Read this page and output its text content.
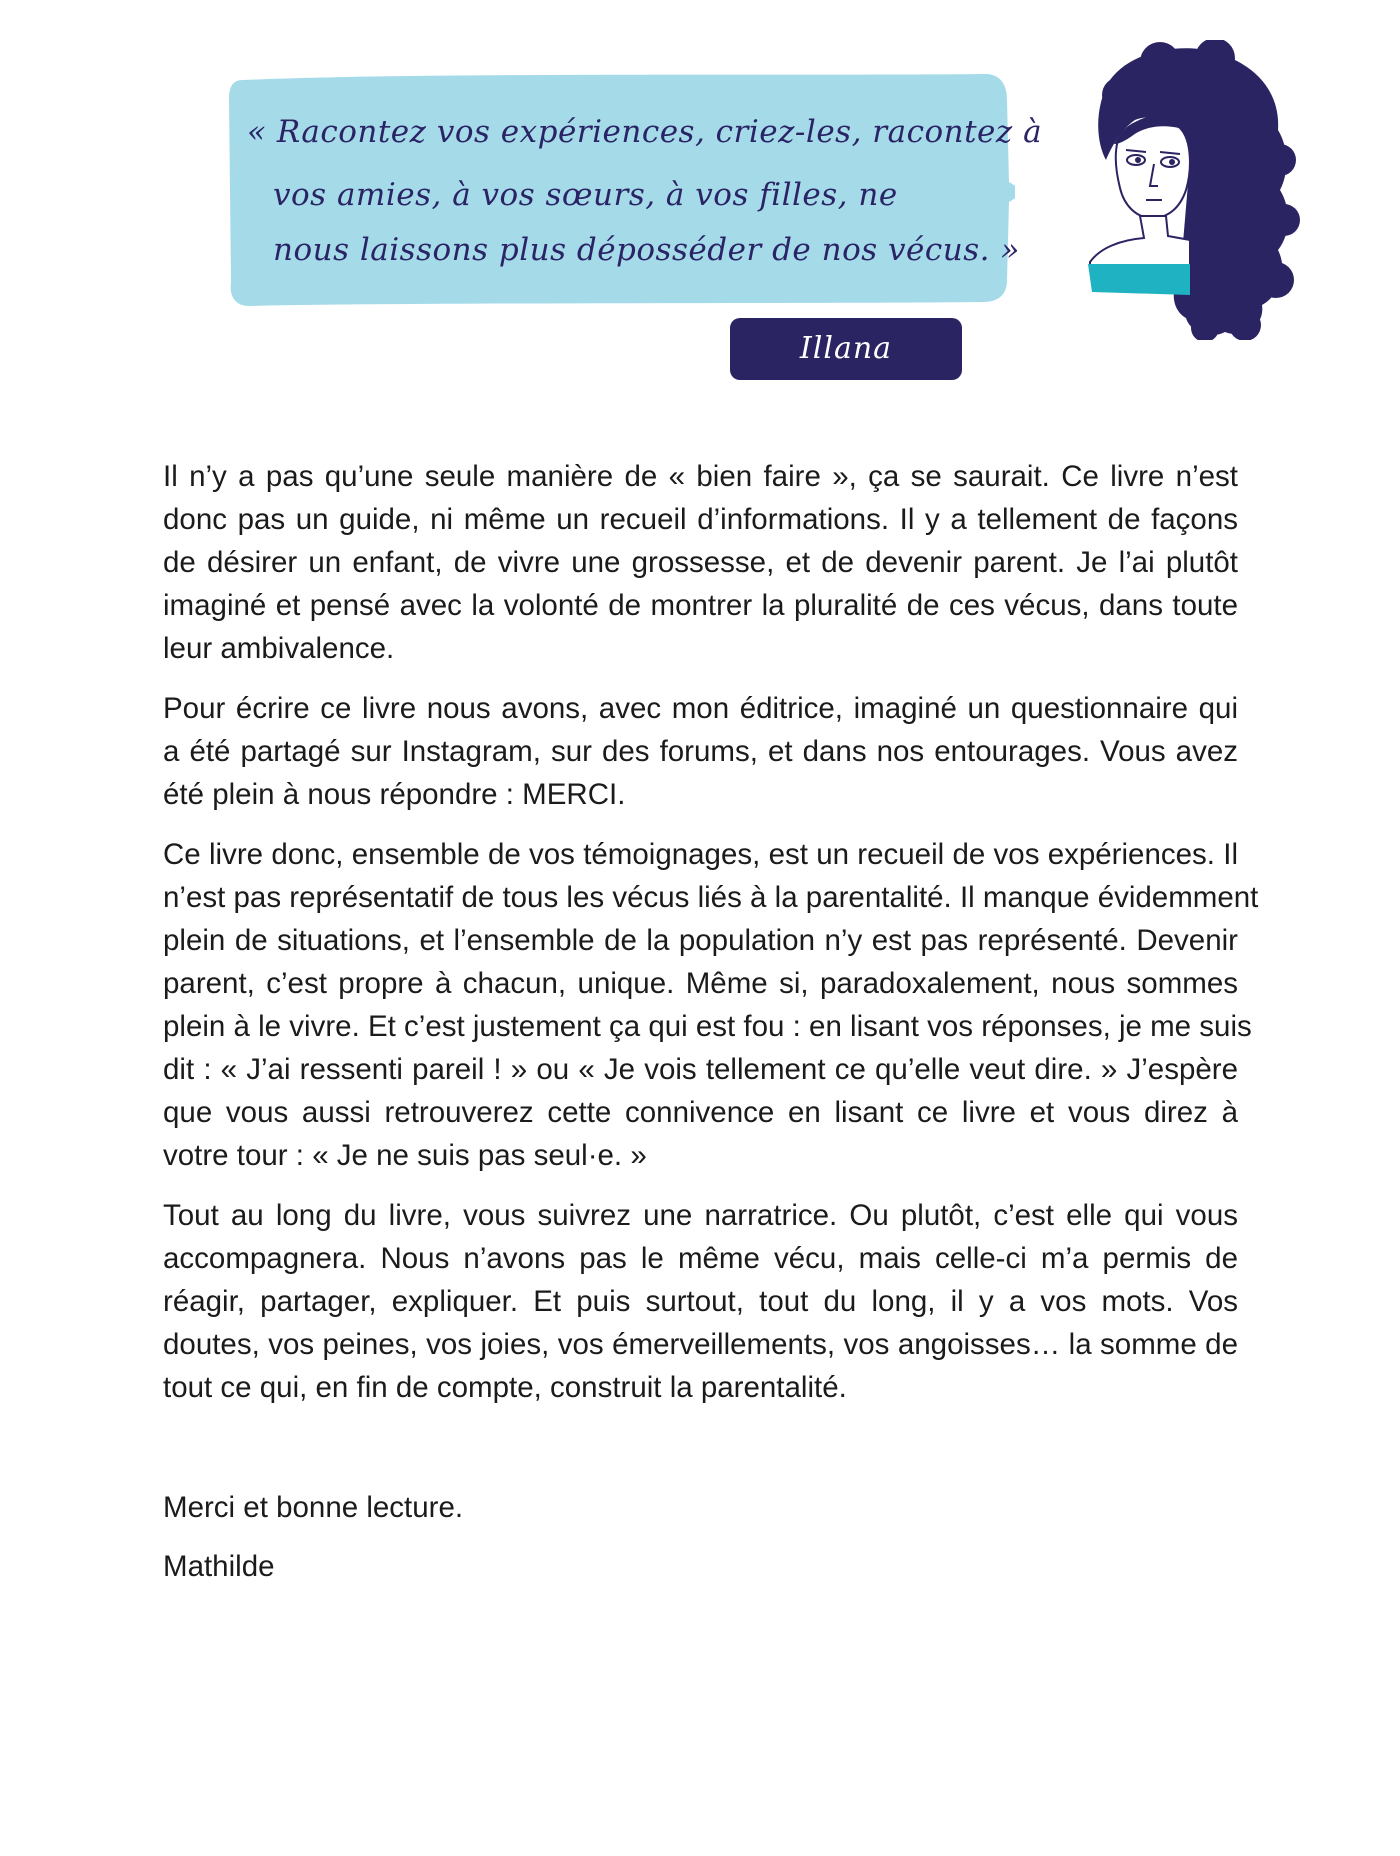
« Racontez vos expériences, criez-les, racontez à
vos amies, à vos sœurs, à vos filles, ne
nous laissons plus déposséder de nos vécus. »
Illana Weizman

Il n’y a pas qu’une seule manière de « bien faire », ça se saurait. Ce livre n’est
donc pas un guide, ni même un recueil d’informations. Il y a tellement de façons
de désirer un enfant, de vivre une grossesse, et de devenir parent. Je l’ai plutôt
imaginé et pensé avec la volonté de montrer la pluralité de ces vécus, dans toute
leur ambivalence.

Pour écrire ce livre nous avons, avec mon éditrice, imaginé un questionnaire qui
a été partagé sur Instagram, sur des forums, et dans nos entourages. Vous avez
été plein à nous répondre : MERCI.

Ce livre donc, ensemble de vos témoignages, est un recueil de vos expériences. Il
n’est pas représentatif de tous les vécus liés à la parentalité. Il manque évidemment
plein de situations, et l’ensemble de la population n’y est pas représenté. Devenir
parent, c’est propre à chacun, unique. Même si, paradoxalement, nous sommes
plein à le vivre. Et c’est justement ça qui est fou : en lisant vos réponses, je me suis
dit : « J’ai ressenti pareil ! » ou « Je vois tellement ce qu’elle veut dire. » J’espère
que vous aussi retrouverez cette connivence en lisant ce livre et vous direz à
votre tour : « Je ne suis pas seul·e. »

Tout au long du livre, vous suivrez une narratrice. Ou plutôt, c’est elle qui vous
accompagnera. Nous n’avons pas le même vécu, mais celle-ci m’a permis de
réagir, partager, expliquer. Et puis surtout, tout du long, il y a vos mots. Vos
doutes, vos peines, vos joies, vos émerveillements, vos angoisses… la somme de
tout ce qui, en fin de compte, construit la parentalité.

Merci et bonne lecture.
Mathilde
